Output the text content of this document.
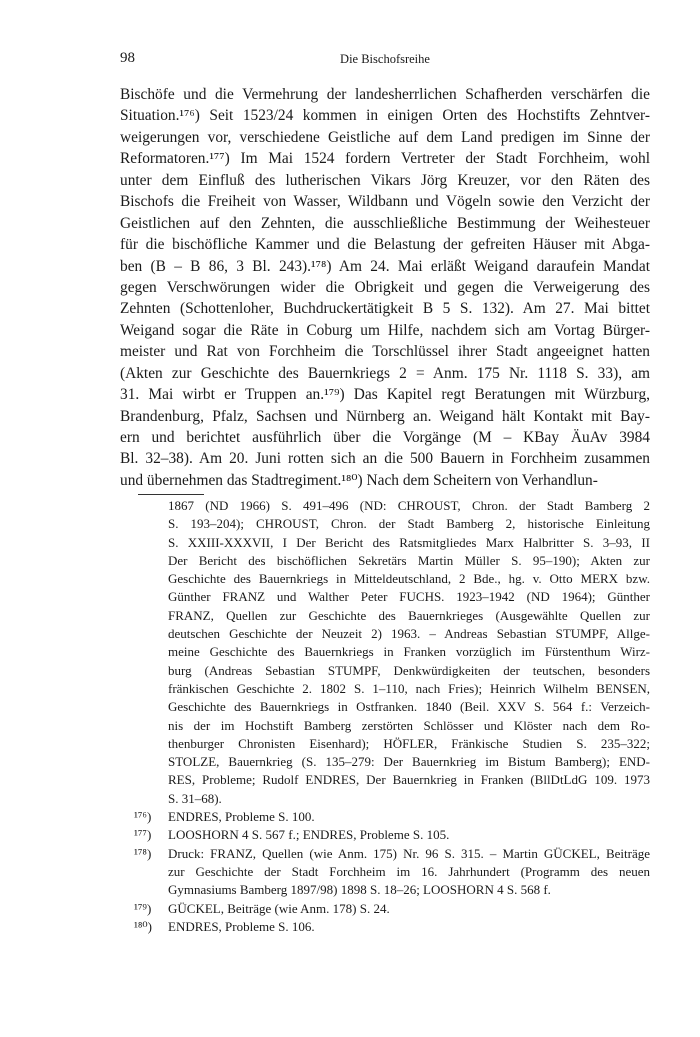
98	Die Bischofsreihe
Bischöfe und die Vermehrung der landesherrlichen Schafherden verschärfen die
Situation.¹⁷⁶) Seit 1523/24 kommen in einigen Orten des Hochstifts Zehntver-
weigerungen vor, verschiedene Geistliche auf dem Land predigen im Sinne der
Reformatoren.¹⁷⁷) Im Mai 1524 fordern Vertreter der Stadt Forchheim, wohl
unter dem Einfluß des lutherischen Vikars Jörg Kreuzer, vor den Räten des
Bischofs die Freiheit von Wasser, Wildbann und Vögeln sowie den Verzicht der
Geistlichen auf den Zehnten, die ausschließliche Bestimmung der Weihesteuer
für die bischöfliche Kammer und die Belastung der gefreiten Häuser mit Abga-
ben (B – B 86, 3 Bl. 243).¹⁷⁸) Am 24. Mai erläßt Weigand daraufein Mandat
gegen Verschwörungen wider die Obrigkeit und gegen die Verweigerung des
Zehnten (Schottenloher, Buchdruckertätigkeit B 5 S. 132). Am 27. Mai bittet
Weigand sogar die Räte in Coburg um Hilfe, nachdem sich am Vortag Bürger-
meister und Rat von Forchheim die Torschlüssel ihrer Stadt angeeignet hatten
(Akten zur Geschichte des Bauernkriegs 2 = Anm. 175 Nr. 1118 S. 33), am
31. Mai wirbt er Truppen an.¹⁷⁹) Das Kapitel regt Beratungen mit Würzburg,
Brandenburg, Pfalz, Sachsen und Nürnberg an. Weigand hält Kontakt mit Bay-
ern und berichtet ausführlich über die Vorgänge (M – KBay ÄuAv 3984
Bl. 32–38). Am 20. Juni rotten sich an die 500 Bauern in Forchheim zusammen
und übernehmen das Stadtregiment.¹⁸⁰) Nach dem Scheitern von Verhandlun-
1867 (ND 1966) S. 491–496 (ND: CHROUST, Chron. der Stadt Bamberg 2
S. 193–204); CHROUST, Chron. der Stadt Bamberg 2, historische Einleitung
S. XXIII-XXXVII, I Der Bericht des Ratsmitgliedes Marx Halbritter S. 3–93, II
Der Bericht des bischöflichen Sekretärs Martin Müller S. 95–190); Akten zur
Geschichte des Bauernkriegs in Mitteldeutschland, 2 Bde., hg. v. Otto MERX bzw.
Günther FRANZ und Walther Peter FUCHS. 1923–1942 (ND 1964); Günther
FRANZ, Quellen zur Geschichte des Bauernkrieges (Ausgewählte Quellen zur
deutschen Geschichte der Neuzeit 2) 1963. – Andreas Sebastian STUMPF, Allge-
meine Geschichte des Bauernkriegs in Franken vorzüglich im Fürstenthum Wirz-
burg (Andreas Sebastian STUMPF, Denkwürdigkeiten der teutschen, besonders
fränkischen Geschichte 2. 1802 S. 1–110, nach Fries); Heinrich Wilhelm BENSEN,
Geschichte des Bauernkriegs in Ostfranken. 1840 (Beil. XXV S. 564 f.: Verzeich-
nis der im Hochstift Bamberg zerstörten Schlösser und Klöster nach dem Ro-
thenburger Chronisten Eisenhard); HÖFLER, Fränkische Studien S. 235–322;
STOLZE, Bauernkrieg (S. 135–279: Der Bauernkrieg im Bistum Bamberg); END-
RES, Probleme; Rudolf ENDRES, Der Bauernkrieg in Franken (BllDtLdG 109. 1973
S. 31–68).
¹⁷⁶) ENDRES, Probleme S. 100.
¹⁷⁷) LOOSHORN 4 S. 567 f.; ENDRES, Probleme S. 105.
¹⁷⁸) Druck: FRANZ, Quellen (wie Anm. 175) Nr. 96 S. 315. – Martin GÜCKEL, Beiträge
zur Geschichte der Stadt Forchheim im 16. Jahrhundert (Programm des neuen
Gymnasiums Bamberg 1897/98) 1898 S. 18–26; LOOSHORN 4 S. 568 f.
¹⁷⁹) GÜCKEL, Beiträge (wie Anm. 178) S. 24.
¹⁸⁰) ENDRES, Probleme S. 106.
